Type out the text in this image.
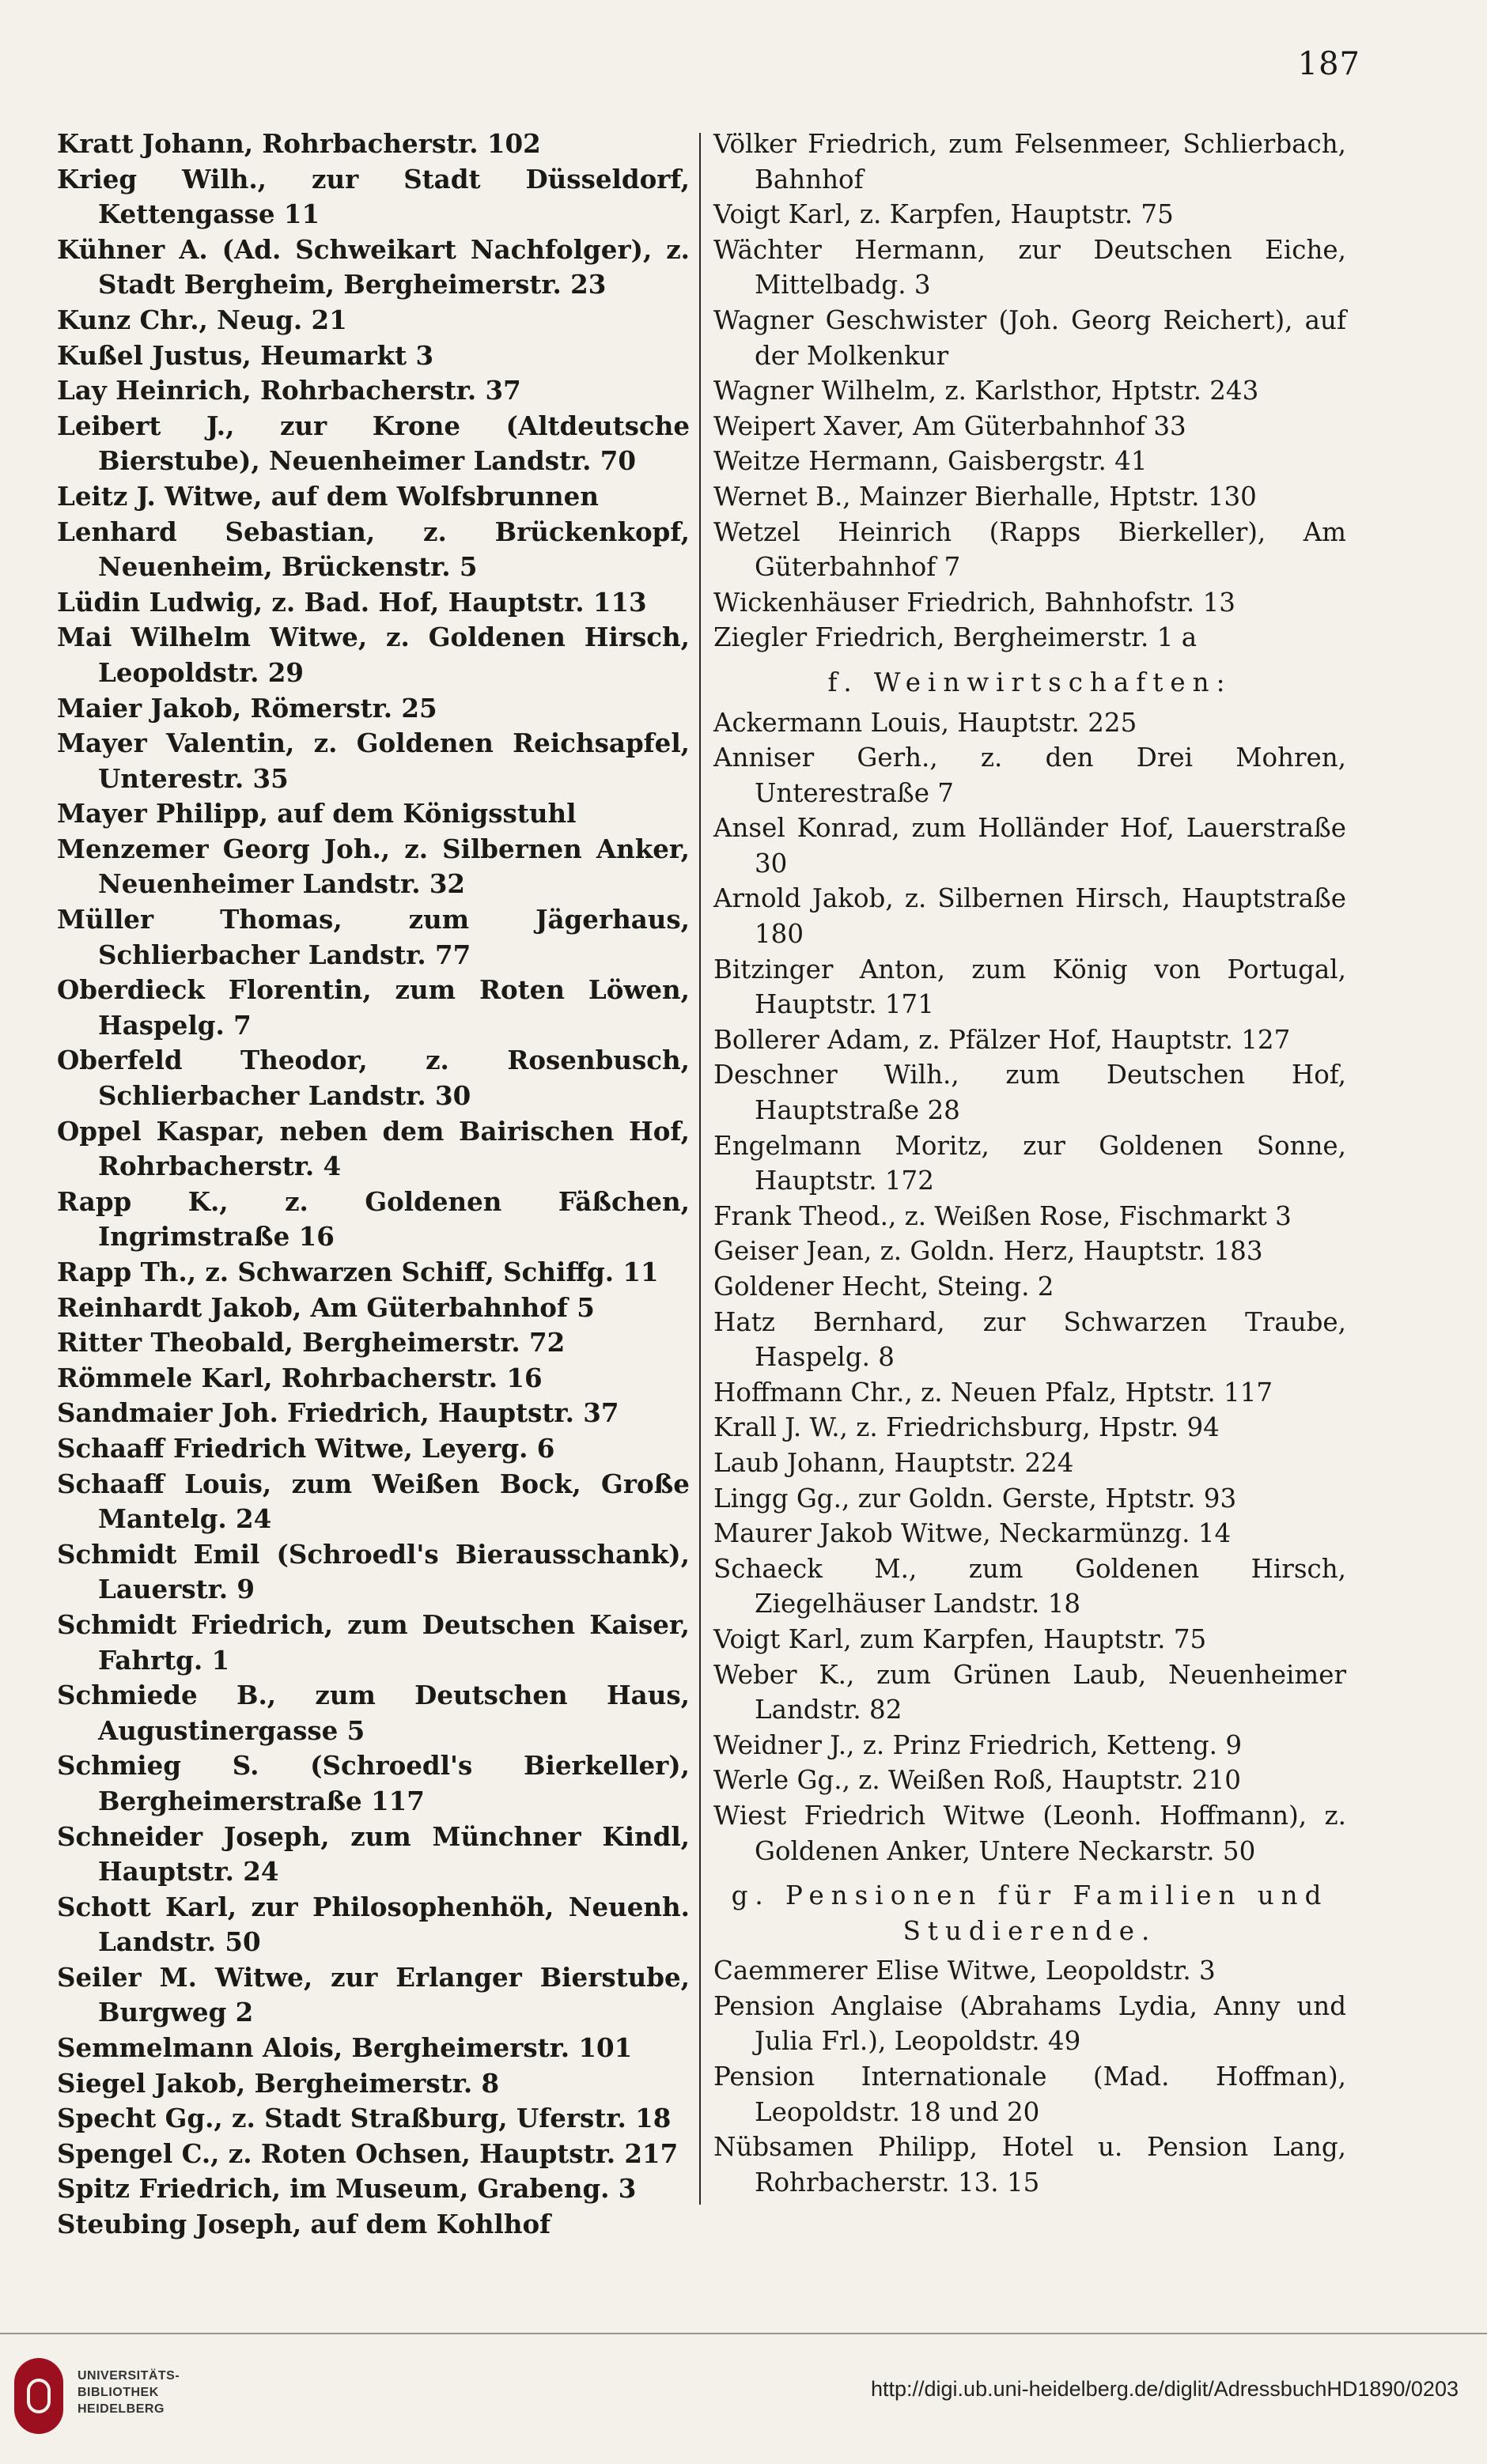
187
Kratt Johann, Rohrbacherstr. 102
Krieg Wilh., zur Stadt Düsseldorf, Kettengasse 11
Kühner A. (Ad. Schweikart Nachfolger), z. Stadt Bergheim, Bergheimerstr. 23
Kunz Chr., Neug. 21
Kußel Justus, Heumarkt 3
Lay Heinrich, Rohrbacherstr. 37
Leibert J., zur Krone (Altdeutsche Bierstube), Neuenheimer Landstr. 70
Leitz J. Witwe, auf dem Wolfsbrunnen
Lenhard Sebastian, z. Brückenkopf, Neuenheim, Brückenstr. 5
Lüdin Ludwig, z. Bad. Hof, Hauptstr. 113
Mai Wilhelm Witwe, z. Goldenen Hirsch, Leopoldstr. 29
Maier Jakob, Römerstr. 25
Mayer Valentin, z. Goldenen Reichsapfel, Unterestr. 35
Mayer Philipp, auf dem Königsstuhl
Menzemer Georg Joh., z. Silbernen Anker, Neuenheimer Landstr. 32
Müller Thomas, zum Jägerhaus, Schlierbacher Landstr. 77
Oberdieck Florentin, zum Roten Löwen, Haspelg. 7
Oberfeld Theodor, z. Rosenbusch, Schlierbacher Landstr. 30
Oppel Kaspar, neben dem Bairischen Hof, Rohrbacherstr. 4
Rapp K., z. Goldenen Fäßchen, Ingrimstraße 16
Rapp Th., z. Schwarzen Schiff, Schiffg. 11
Reinhardt Jakob, Am Güterbahnhof 5
Ritter Theobald, Bergheimerstr. 72
Römmele Karl, Rohrbacherstr. 16
Sandmaier Joh. Friedrich, Hauptstr. 37
Schaaff Friedrich Witwe, Leyerg. 6
Schaaff Louis, zum Weißen Bock, Große Mantelg. 24
Schmidt Emil (Schroedl's Bierausschank), Lauerstr. 9
Schmidt Friedrich, zum Deutschen Kaiser, Fahrtg. 1
Schmiede B., zum Deutschen Haus, Augustinergasse 5
Schmieg S. (Schroedl's Bierkeller), Bergheimerstraße 117
Schneider Joseph, zum Münchner Kindl, Hauptstr. 24
Schott Karl, zur Philosophenhöh, Neuenh. Landstr. 50
Seiler M. Witwe, zur Erlanger Bierstube, Burgweg 2
Semmelmann Alois, Bergheimerstr. 101
Siegel Jakob, Bergheimerstr. 8
Specht Gg., z. Stadt Straßburg, Uferstr. 18
Spengel C., z. Roten Ochsen, Hauptstr. 217
Spitz Friedrich, im Museum, Grabeng. 3
Steubing Joseph, auf dem Kohlhof
Völker Friedrich, zum Felsenmeer, Schlierbach, Bahnhof
Voigt Karl, z. Karpfen, Hauptstr. 75
Wächter Hermann, zur Deutschen Eiche, Mittelbadg. 3
Wagner Geschwister (Joh. Georg Reichert), auf der Molkenkur
Wagner Wilhelm, z. Karlsthor, Hptstr. 243
Weipert Xaver, Am Güterbahnhof 33
Weitze Hermann, Gaisbergstr. 41
Wernet B., Mainzer Bierhalle, Hptstr. 130
Wetzel Heinrich (Rapps Bierkeller), Am Güterbahnhof 7
Wickenhäuser Friedrich, Bahnhofstr. 13
Ziegler Friedrich, Bergheimerstr. 1 a
f. Weinwirtschaften:
Ackermann Louis, Hauptstr. 225
Anniser Gerh., z. den Drei Mohren, Unterestraße 7
Ansel Konrad, zum Holländer Hof, Lauerstraße 30
Arnold Jakob, z. Silbernen Hirsch, Hauptstraße 180
Bitzinger Anton, zum König von Portugal, Hauptstr. 171
Bollerer Adam, z. Pfälzer Hof, Hauptstr. 127
Deschner Wilh., zum Deutschen Hof, Hauptstraße 28
Engelmann Moritz, zur Goldenen Sonne, Hauptstr. 172
Frank Theod., z. Weißen Rose, Fischmarkt 3
Geiser Jean, z. Goldn. Herz, Hauptstr. 183
Goldener Hecht, Steing. 2
Hatz Bernhard, zur Schwarzen Traube, Haspelg. 8
Hoffmann Chr., z. Neuen Pfalz, Hptstr. 117
Krall J. W., z. Friedrichsburg, Hpstr. 94
Laub Johann, Hauptstr. 224
Lingg Gg., zur Goldn. Gerste, Hptstr. 93
Maurer Jakob Witwe, Neckarmünzg. 14
Schaeck M., zum Goldenen Hirsch, Ziegelhäuser Landstr. 18
Voigt Karl, zum Karpfen, Hauptstr. 75
Weber K., zum Grünen Laub, Neuenheimer Landstr. 82
Weidner J., z. Prinz Friedrich, Ketteng. 9
Werle Gg., z. Weißen Roß, Hauptstr. 210
Wiest Friedrich Witwe (Leonh. Hoffmann), z. Goldenen Anker, Untere Neckarstr. 50
g. Pensionen für Familien und Studierende.
Caemmerer Elise Witwe, Leopoldstr. 3
Pension Anglaise (Abrahams Lydia, Anny und Julia Frl.), Leopoldstr. 49
Pension Internationale (Mad. Hoffman), Leopoldstr. 18 und 20
Nübsamen Philipp, Hotel u. Pension Lang, Rohrbacherstr. 13. 15
UNIVERSITÄTS-
BIBLIOTHEK
HEIDELBERG
http://digi.ub.uni-heidelberg.de/diglit/AdressbuchHD1890/0203
